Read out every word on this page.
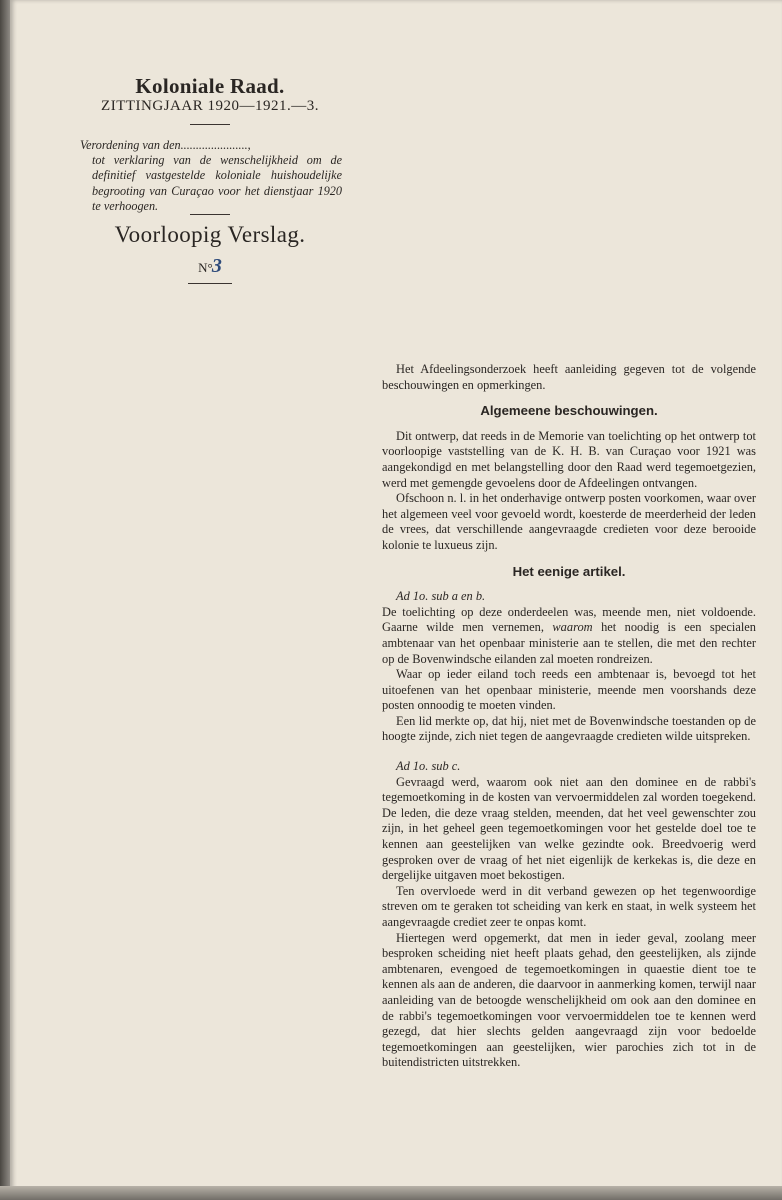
Koloniale Raad.
ZITTINGJAAR 1920—1921.—3.

Verordening van den......................,

tot verklaring van de wenschelijkheid om de definitief vastgestelde koloniale huishoudelijke begrooting van Curaçao voor het dienstjaar 1920 te verhoogen.

Voorloopig Verslag.
N° 3

Het Afdeelingsonderzoek heeft aanleiding gegeven tot de volgende beschouwingen en opmerkingen.

Algemeene beschouwingen.

Dit ontwerp, dat reeds in de Memorie van toelichting op het ontwerp tot voorloopige vaststelling van de K. H. B. van Curaçao voor 1921 was aangekondigd en met belangstelling door den Raad werd tegemoetgezien, werd met gemengde gevoelens door de Afdeelingen ontvangen.

Ofschoon n. l. in het onderhavige ontwerp posten voorkomen, waar over het algemeen veel voor gevoeld wordt, koesterde de meerderheid der leden de vrees, dat verschillende aangevraagde credieten voor deze berooide kolonie te luxueus zijn.

Het eenige artikel.

Ad 1o. sub a en b.

De toelichting op deze onderdeelen was, meende men, niet voldoende. Gaarne wilde men vernemen, waarom het noodig is een specialen ambtenaar van het openbaar ministerie aan te stellen, die met den rechter op de Bovenwindsche eilanden zal moeten rondreizen.

Waar op ieder eiland toch reeds een ambtenaar is, bevoegd tot het uitoefenen van het openbaar ministerie, meende men voorshands deze posten onnoodig te moeten vinden.

Een lid merkte op, dat hij, niet met de Bovenwindsche toestanden op de hoogte zijnde, zich niet tegen de aangevraagde credieten wilde uitspreken.

Ad 1o. sub c.

Gevraagd werd, waarom ook niet aan den dominee en de rabbi's tegemoetkoming in de kosten van vervoermiddelen zal worden toegekend. De leden, die deze vraag stelden, meenden, dat het veel gewenschter zou zijn, in het geheel geen tegemoetkomingen voor het gestelde doel toe te kennen aan geestelijken van welke gezindte ook. Breedvoerig werd gesproken over de vraag of het niet eigenlijk de kerkekas is, die deze en dergelijke uitgaven moet bekostigen.

Ten overvloede werd in dit verband gewezen op het tegenwoordige streven om te geraken tot scheiding van kerk en staat, in welk systeem het aangevraagde crediet zeer te onpas komt.

Hiertegen werd opgemerkt, dat men in ieder geval, zoolang meer besproken scheiding niet heeft plaats gehad, den geestelijken, als zijnde ambtenaren, evengoed de tegemoetkomingen in quaestie dient toe te kennen als aan de anderen, die daarvoor in aanmerking komen, terwijl naar aanleiding van de betoogde wenschelijkheid om ook aan den dominee en de rabbi's tegemoetkomingen voor vervoermiddelen toe te kennen werd gezegd, dat hier slechts gelden aangevraagd zijn voor bedoelde tegemoetkomingen aan geestelijken, wier parochies zich tot in de buitendistricten uitstrekken.
